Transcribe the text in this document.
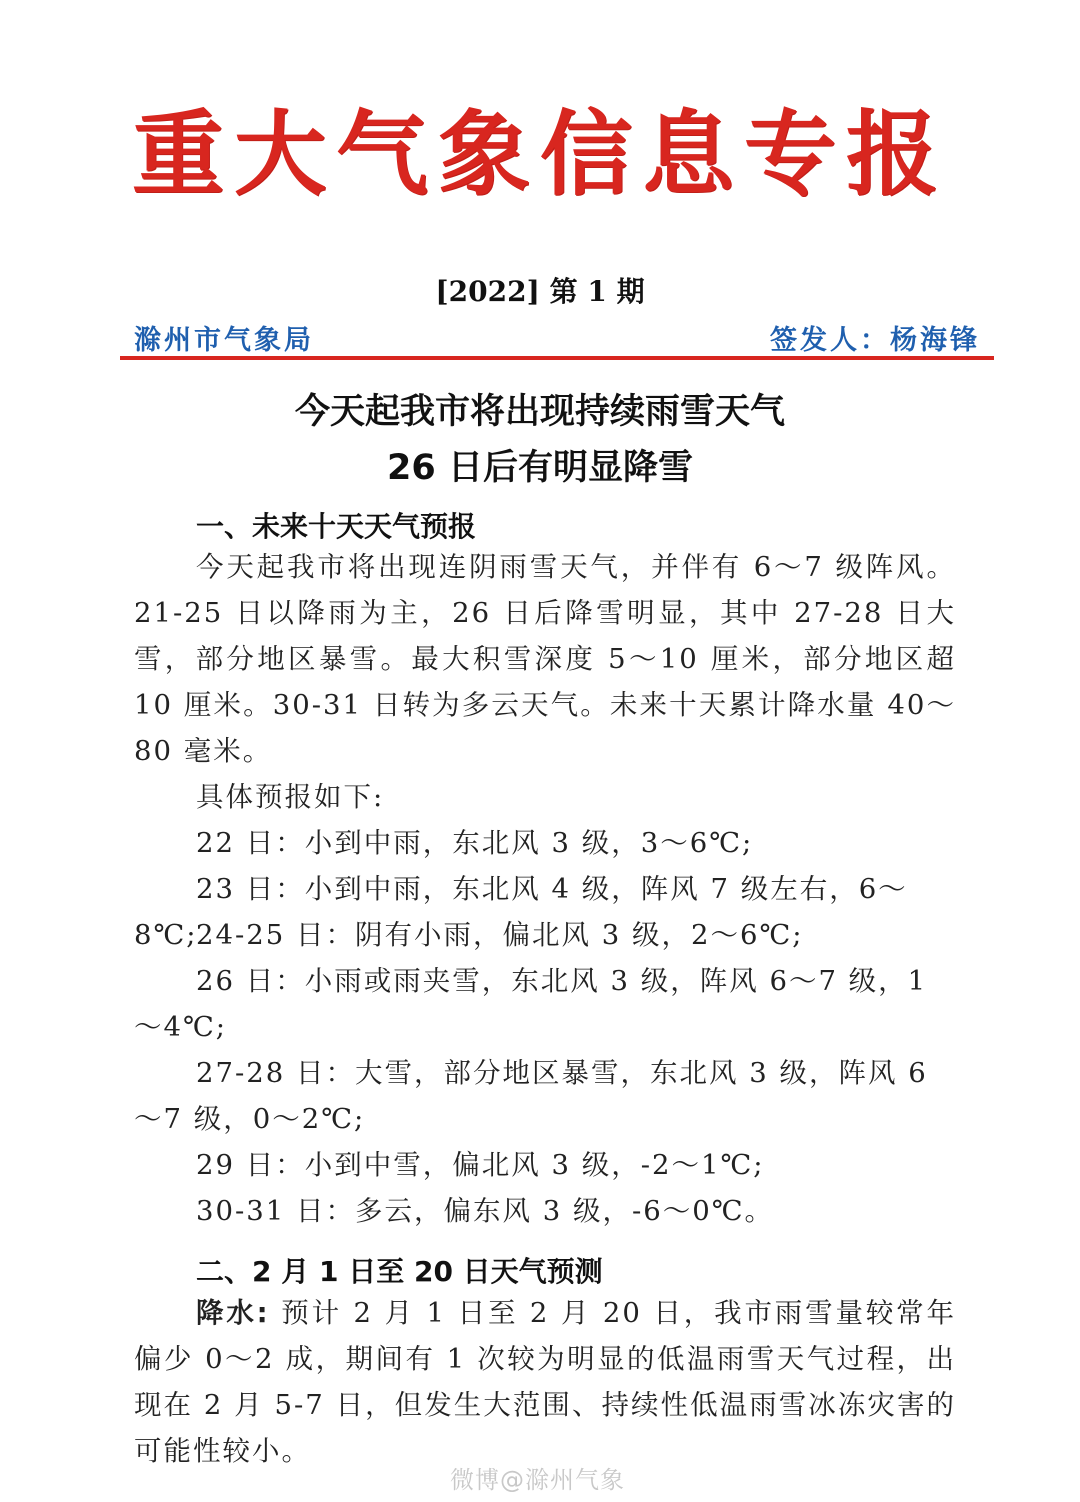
重大气象信息专报
[2022] 第 1 期
滁州市气象局	签发人：杨海锋
今天起我市将出现持续雨雪天气
26 日后有明显降雪
一、未来十天天气预报
今天起我市将出现连阴雨雪天气，并伴有 6～7 级阵风。21-25 日以降雨为主，26 日后降雪明显，其中 27-28 日大雪，部分地区暴雪。最大积雪深度 5～10 厘米，部分地区超 10 厘米。30-31 日转为多云天气。未来十天累计降水量 40～80 毫米。
具体预报如下:
22 日：小到中雨，东北风 3 级，3～6℃;
23 日：小到中雨，东北风 4 级，阵风 7 级左右，6～8℃;
24-25 日：阴有小雨，偏北风 3 级，2～6℃;
26 日：小雨或雨夹雪，东北风 3 级，阵风 6～7 级，1～4℃;
27-28 日：大雪，部分地区暴雪，东北风 3 级，阵风 6～7 级，0～2℃;
29 日：小到中雪，偏北风 3 级，-2～1℃;
30-31 日：多云，偏东风 3 级，-6～0℃。
二、2 月 1 日至 20 日天气预测
降水: 预计 2 月 1 日至 2 月 20 日，我市雨雪量较常年偏少 0～2 成，期间有 1 次较为明显的低温雨雪天气过程，出现在 2 月 5-7 日，但发生大范围、持续性低温雨雪冰冻灾害的可能性较小。
微博@滁州气象
